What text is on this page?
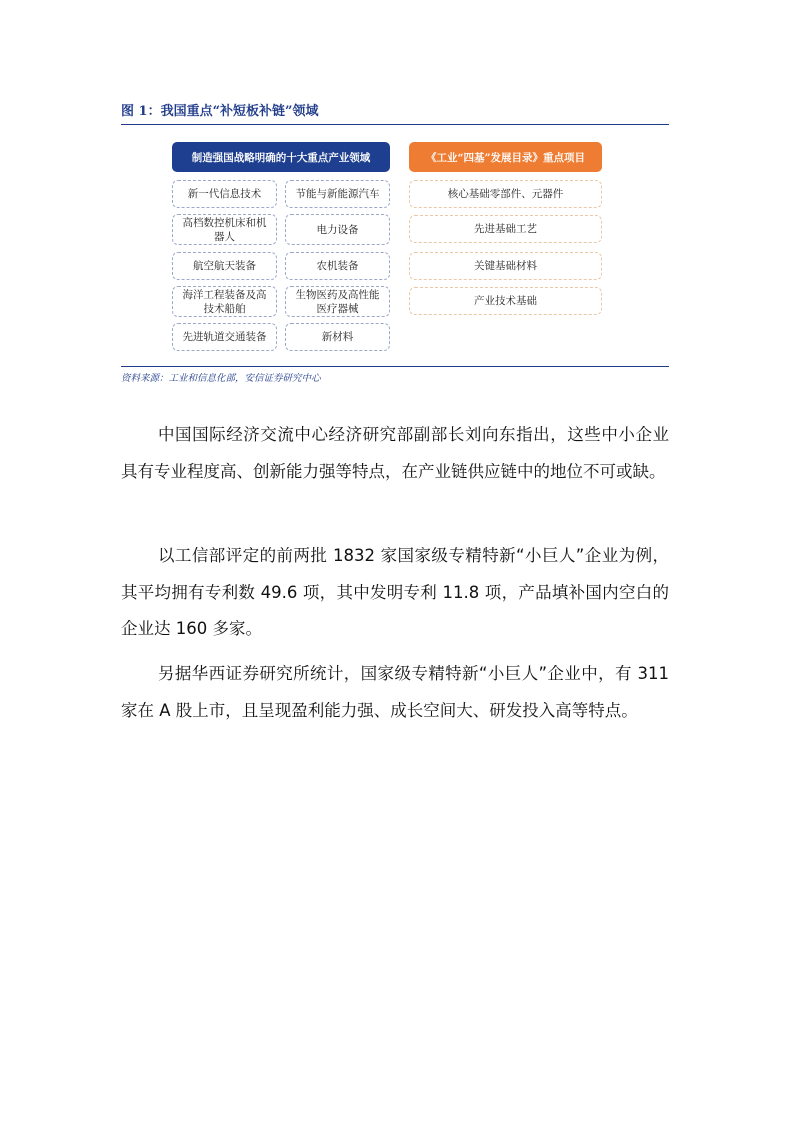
图 1：我国重点“补短板补链”领域
制造强国战略明确的十大重点产业领域	《工业“四基”发展目录》重点项目
新一代信息技术	节能与新能源汽车
高档数控机床和机器人
电力设备
航空航天装备	农机装备
海洋工程装备及高技术船舶
生物医药及高性能医疗器械
先进轨道交通装备	新材料
核心基础零部件、元器件
先进基础工艺
关键基础材料
产业技术基础
资料来源：工业和信息化部，安信证券研究中心
中国国际经济交流中心经济研究部副部长刘向东指出，这些中小企业具有专业程度高、创新能力强等特点，在产业链供应链中的地位不可或缺。
以工信部评定的前两批 1832 家国家级专精特新“小巨人”企业为例，其平均拥有专利数 49.6 项，其中发明专利 11.8 项，产品填补国内空白的企业达 160 多家。
另据华西证券研究所统计，国家级专精特新“小巨人”企业中，有 311 家在 A 股上市，且呈现盈利能力强、成长空间大、研发投入高等特点。
